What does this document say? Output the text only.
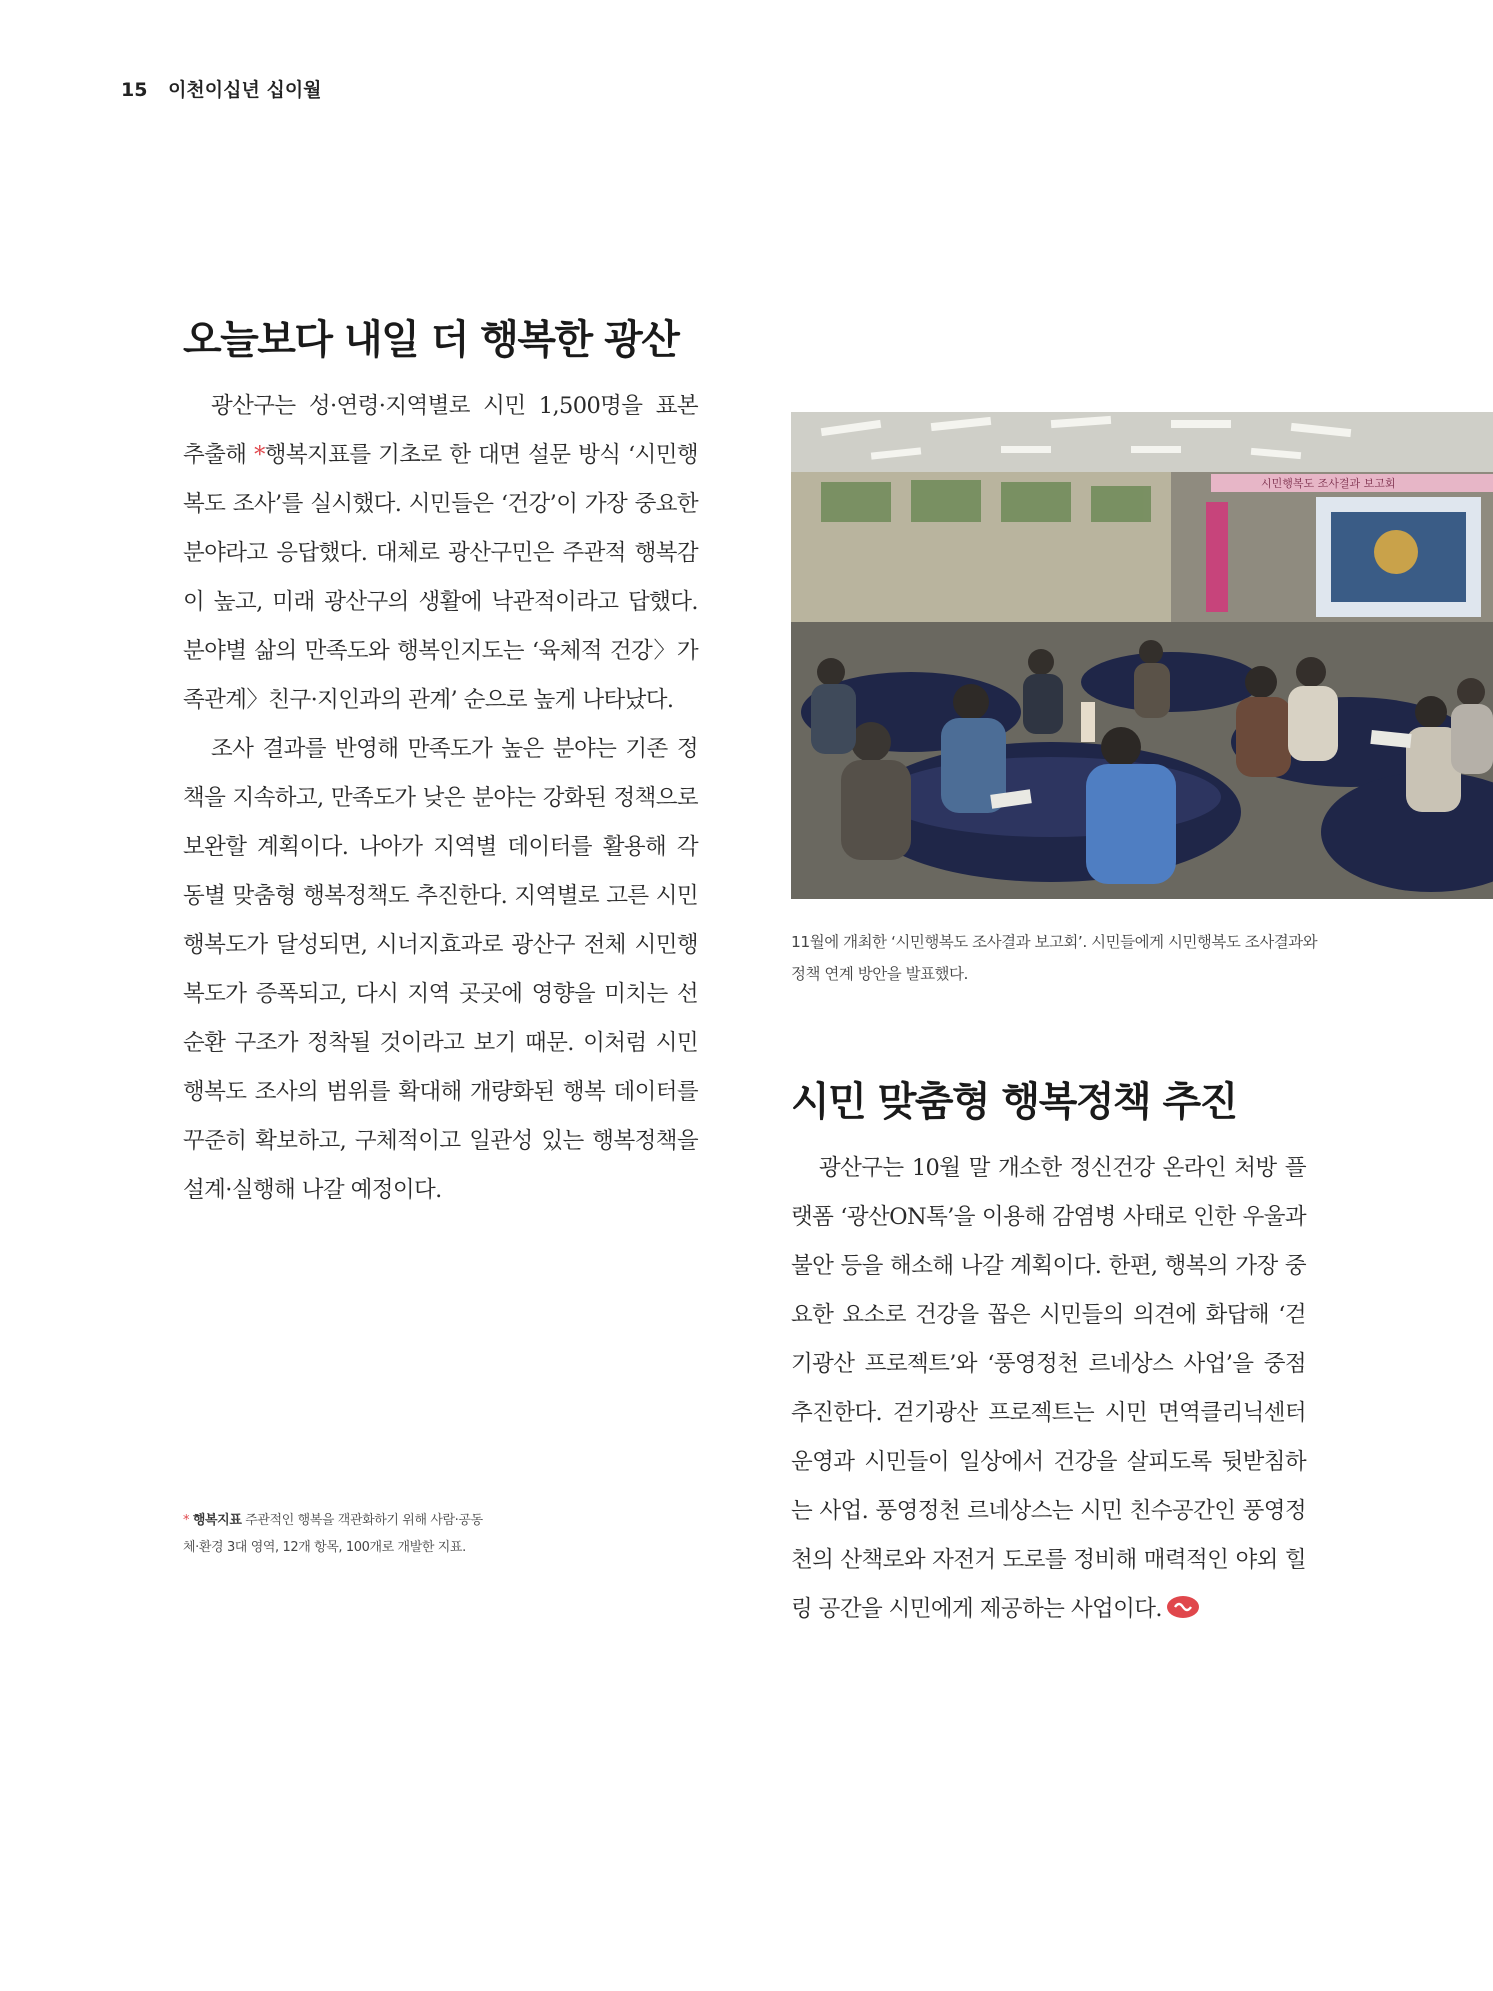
15 이천이십년 십이월
오늘보다 내일 더 행복한 광산

광산구는 성·연령·지역별로 시민 1,500명을 표본 추출해 *행복지표를 기초로 한 대면 설문 방식 ‘시민행복도 조사’를 실시했다. 시민들은 ‘건강’이 가장 중요한 분야라고 응답했다. 대체로 광산구민은 주관적 행복감이 높고, 미래 광산구의 생활에 낙관적이라고 답했다. 분야별 삶의 만족도와 행복인지도는 ‘육체적 건강〉가족관계〉친구·지인과의 관계’ 순으로 높게 나타났다.

조사 결과를 반영해 만족도가 높은 분야는 기존 정책을 지속하고, 만족도가 낮은 분야는 강화된 정책으로 보완할 계획이다. 나아가 지역별 데이터를 활용해 각 동별 맞춤형 행복정책도 추진한다. 지역별로 고른 시민행복도가 달성되면, 시너지효과로 광산구 전체 시민행복도가 증폭되고, 다시 지역 곳곳에 영향을 미치는 선순환 구조가 정착될 것이라고 보기 때문. 이처럼 시민행복도 조사의 범위를 확대해 개량화된 행복 데이터를 꾸준히 확보하고, 구체적이고 일관성 있는 행복정책을 설계·실행해 나갈 예정이다.

* 행복지표 주관적인 행복을 객관화하기 위해 사람·공동체·환경 3대 영역, 12개 항목, 100개로 개발한 지표.
시민행복도 조사결과 보고회
11월에 개최한 ‘시민행복도 조사결과 보고회’. 시민들에게 시민행복도 조사결과와 정책 연계 방안을 발표했다.
시민 맞춤형 행복정책 추진

광산구는 10월 말 개소한 정신건강 온라인 처방 플랫폼 ‘광산ON톡’을 이용해 감염병 사태로 인한 우울과 불안 등을 해소해 나갈 계획이다. 한편, 행복의 가장 중요한 요소로 건강을 꼽은 시민들의 의견에 화답해 ‘걷기광산 프로젝트’와 ‘풍영정천 르네상스 사업’을 중점 추진한다. 걷기광산 프로젝트는 시민 면역클리닉센터 운영과 시민들이 일상에서 건강을 살피도록 뒷받침하는 사업. 풍영정천 르네상스는 시민 친수공간인 풍영정천의 산책로와 자전거 도로를 정비해 매력적인 야외 힐링 공간을 시민에게 제공하는 사업이다.
